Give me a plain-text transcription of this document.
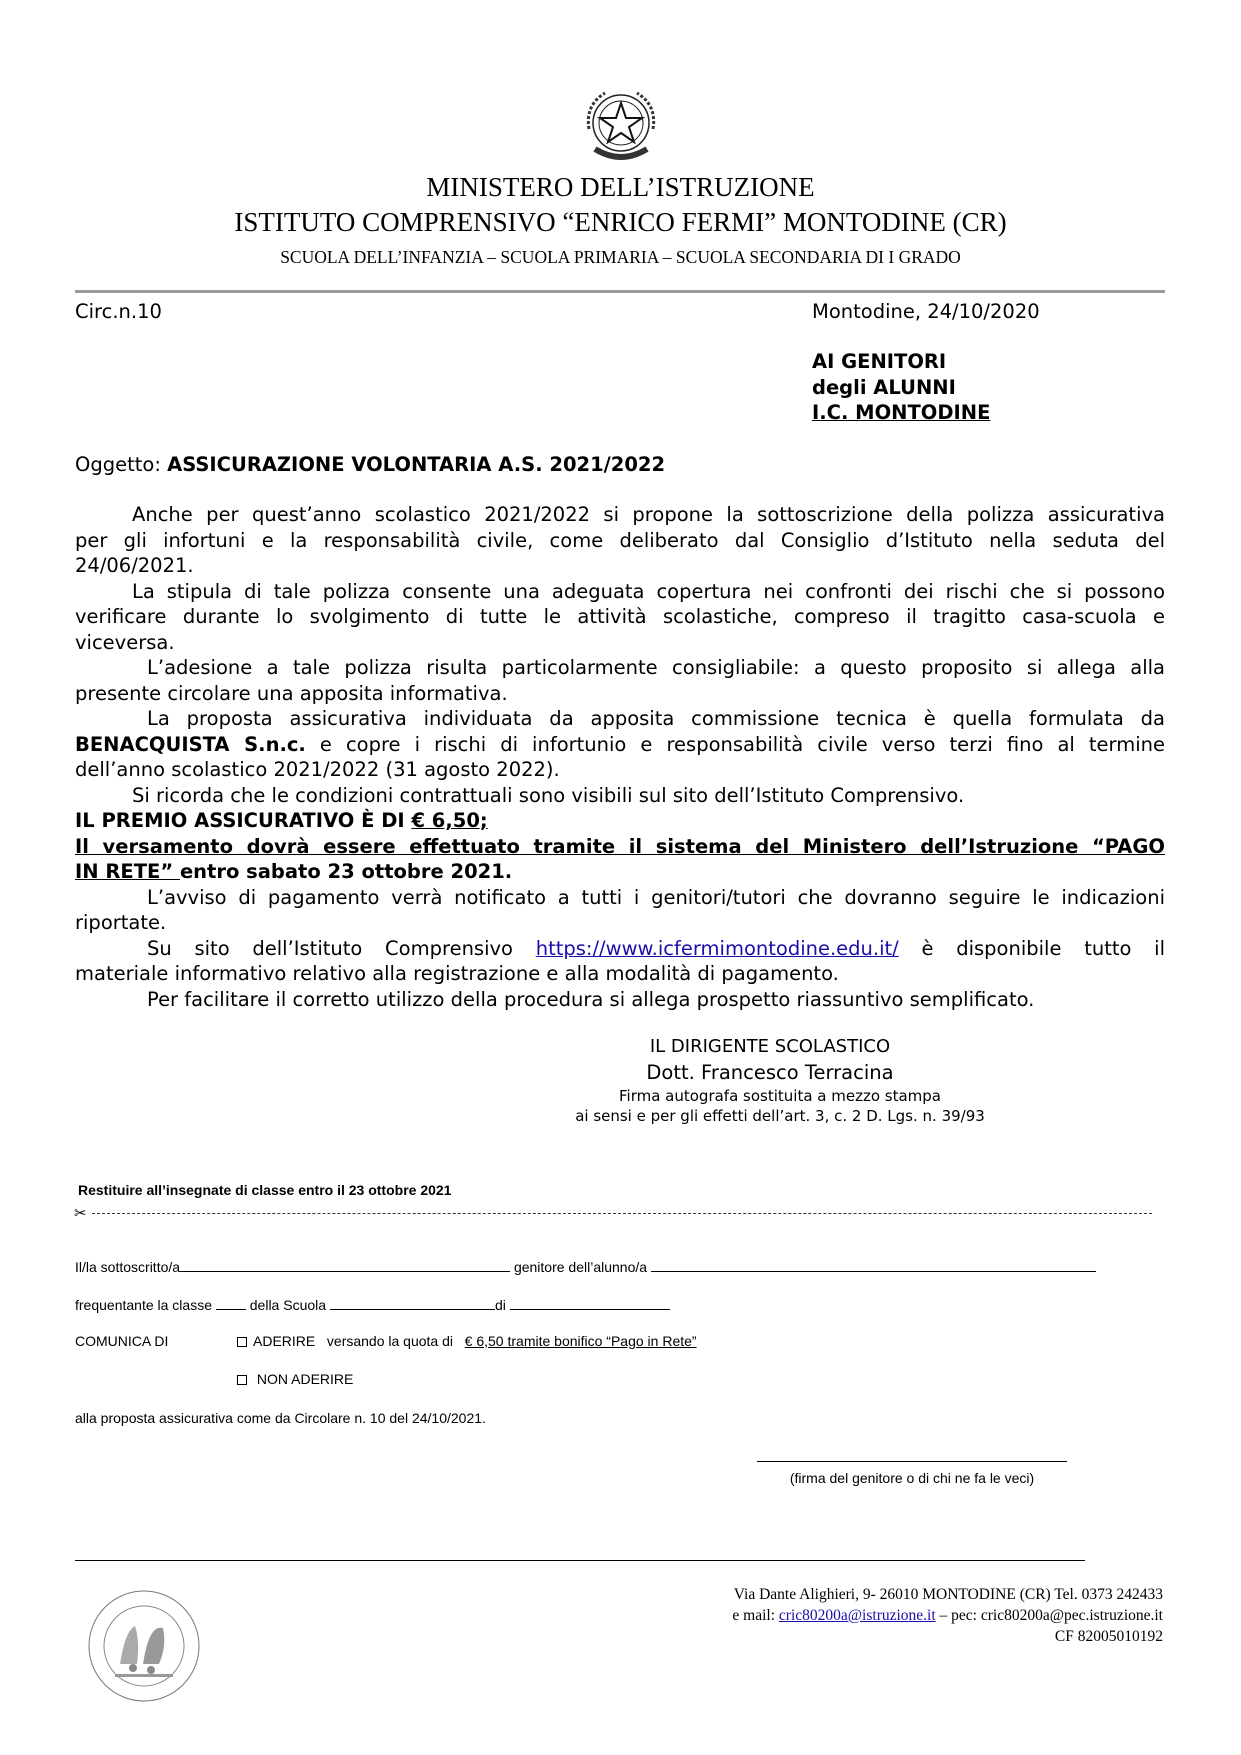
MINISTERO DELL’ISTRUZIONE
ISTITUTO COMPRENSIVO “ENRICO FERMI” MONTODINE (CR)
SCUOLA DELL’INFANZIA – SCUOLA PRIMARIA – SCUOLA SECONDARIA DI I GRADO
Circ.n.10	Montodine, 24/10/2020
AI GENITORI
degli ALUNNI
I.C. MONTODINE
Oggetto: ASSICURAZIONE VOLONTARIA A.S. 2021/2022
Anche per quest’anno scolastico 2021/2022 si propone la sottoscrizione della polizza assicurativa
per gli infortuni e la responsabilità civile, come deliberato dal Consiglio d’Istituto nella seduta del
24/06/2021.
La stipula di tale polizza consente una adeguata copertura nei confronti dei rischi che si possono
verificare durante lo svolgimento di tutte le attività scolastiche, compreso il tragitto casa-scuola e
viceversa.
L’adesione a tale polizza risulta particolarmente consigliabile: a questo proposito si allega alla
presente circolare una apposita informativa.
La proposta assicurativa individuata da apposita commissione tecnica è quella formulata da
BENACQUISTA S.n.c. e copre i rischi di infortunio e responsabilità civile verso terzi fino al termine
dell’anno scolastico 2021/2022 (31 agosto 2022).
Si ricorda che le condizioni contrattuali sono visibili sul sito dell’Istituto Comprensivo.
IL PREMIO ASSICURATIVO È DI € 6,50;
Il versamento dovrà essere effettuato tramite il sistema del Ministero dell’Istruzione “PAGO
IN RETE” entro sabato 23 ottobre 2021.
L’avviso di pagamento verrà notificato a tutti i genitori/tutori che dovranno seguire le indicazioni
riportate.
Su sito dell’Istituto Comprensivo https://www.icfermimontodine.edu.it/ è disponibile tutto il
materiale informativo relativo alla registrazione e alla modalità di pagamento.
Per facilitare il corretto utilizzo della procedura si allega prospetto riassuntivo semplificato.
IL DIRIGENTE SCOLASTICO
Dott. Francesco Terracina
Firma autografa sostituita a mezzo stampa
ai sensi e per gli effetti dell’art. 3, c. 2 D. Lgs. n. 39/93
Restituire all’insegnate di classe entro il 23 ottobre 2021
✂
Il/la sottoscritto/a	genitore dell’alunno/a
frequentante la classe	della Scuola	di
COMUNICA DI	ADERIRE versando la quota di € 6,50 tramite bonifico “Pago in Rete”
NON ADERIRE
alla proposta assicurativa come da Circolare n. 10 del 24/10/2021.
(firma del genitore o di chi ne fa le veci)
Via Dante Alighieri, 9- 26010 MONTODINE (CR) Tel. 0373 242433
e mail: cric80200a@istruzione.it – pec: cric80200a@pec.istruzione.it
CF 82005010192
